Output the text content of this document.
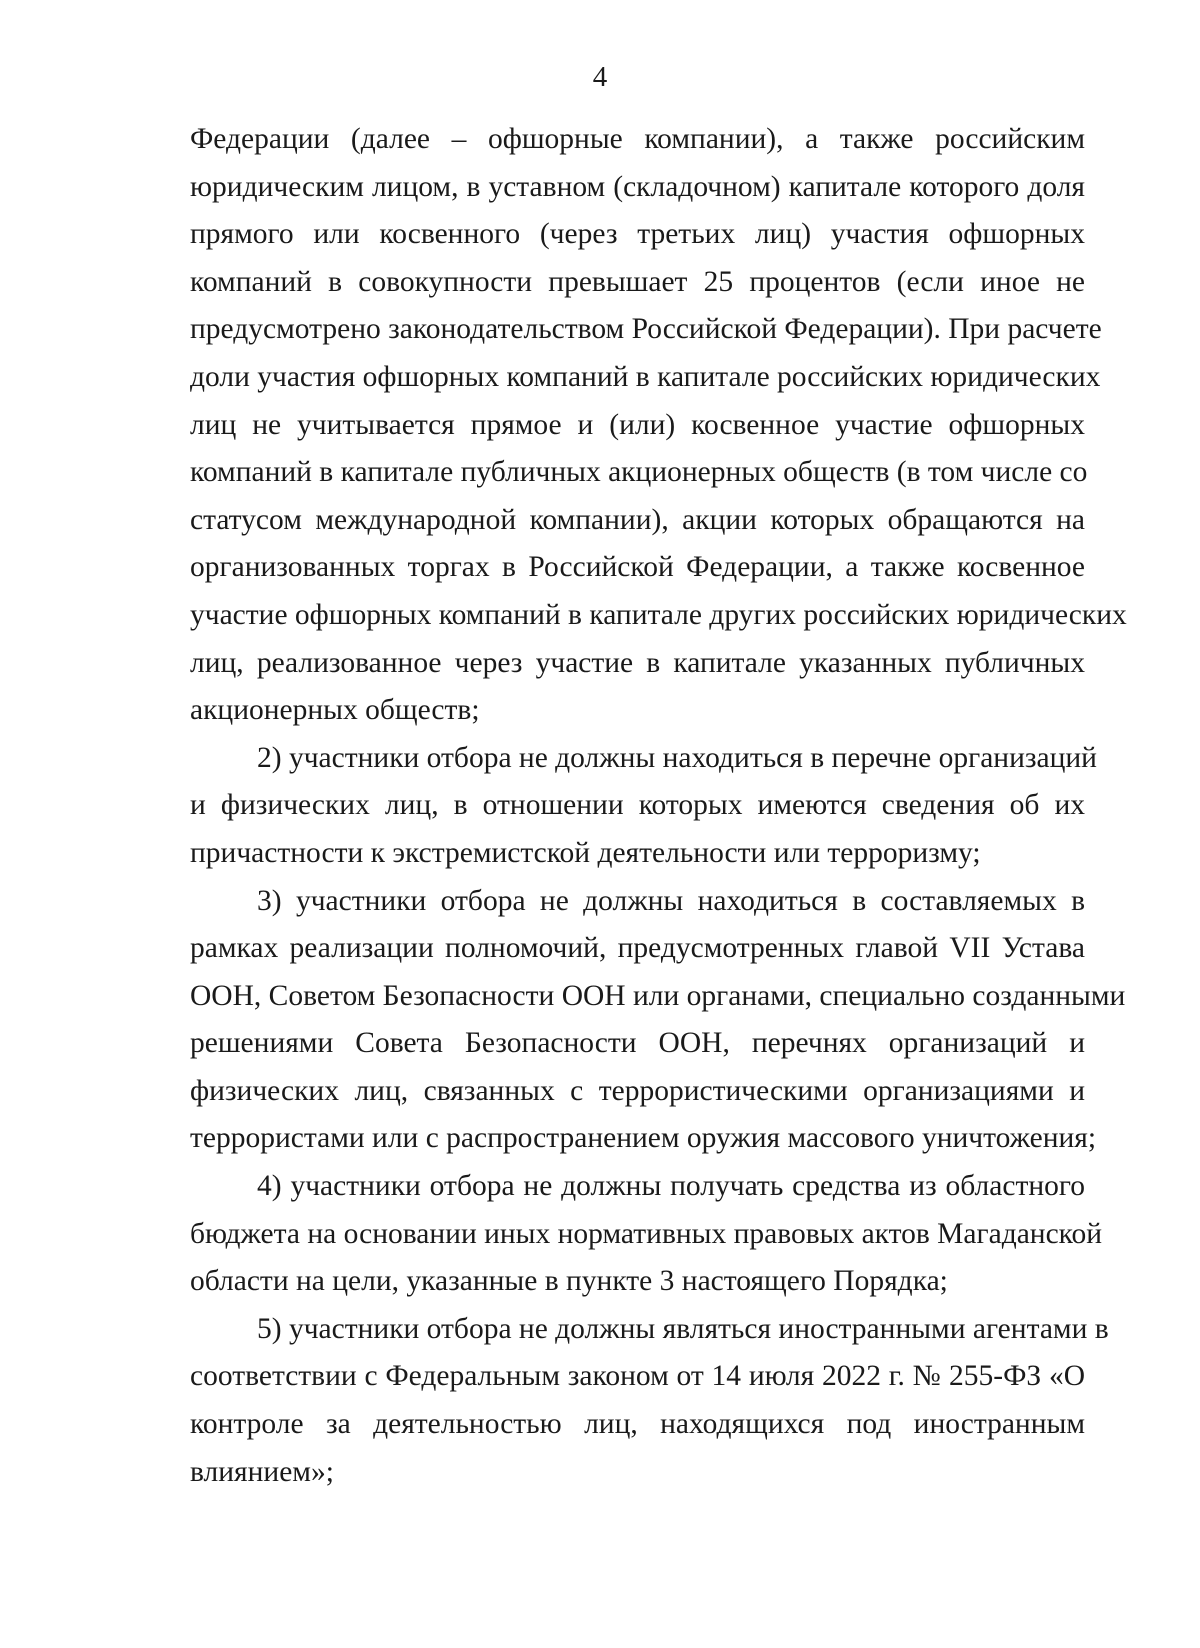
4

Федерации (далее – офшорные компании), а также российским
юридическим лицом, в уставном (складочном) капитале которого доля
прямого или косвенного (через третьих лиц) участия офшорных
компаний в совокупности превышает 25 процентов (если иное не
предусмотрено законодательством Российской Федерации). При расчете
доли участия офшорных компаний в капитале российских юридических
лиц не учитывается прямое и (или) косвенное участие офшорных
компаний в капитале публичных акционерных обществ (в том числе со
статусом международной компании), акции которых обращаются на
организованных торгах в Российской Федерации, а также косвенное
участие офшорных компаний в капитале других российских юридических
лиц, реализованное через участие в капитале указанных публичных
акционерных обществ;

2) участники отбора не должны находиться в перечне организаций
и физических лиц, в отношении которых имеются сведения об их
причастности к экстремистской деятельности или терроризму;

3) участники отбора не должны находиться в составляемых в
рамках реализации полномочий, предусмотренных главой VII Устава
ООН, Советом Безопасности ООН или органами, специально созданными
решениями Совета Безопасности ООН, перечнях организаций и
физических лиц, связанных с террористическими организациями и
террористами или с распространением оружия массового уничтожения;

4) участники отбора не должны получать средства из областного
бюджета на основании иных нормативных правовых актов Магаданской
области на цели, указанные в пункте 3 настоящего Порядка;

5) участники отбора не должны являться иностранными агентами в
соответствии с Федеральным законом от 14 июля 2022 г. № 255-ФЗ «О
контроле за деятельностью лиц, находящихся под иностранным
влиянием»;
